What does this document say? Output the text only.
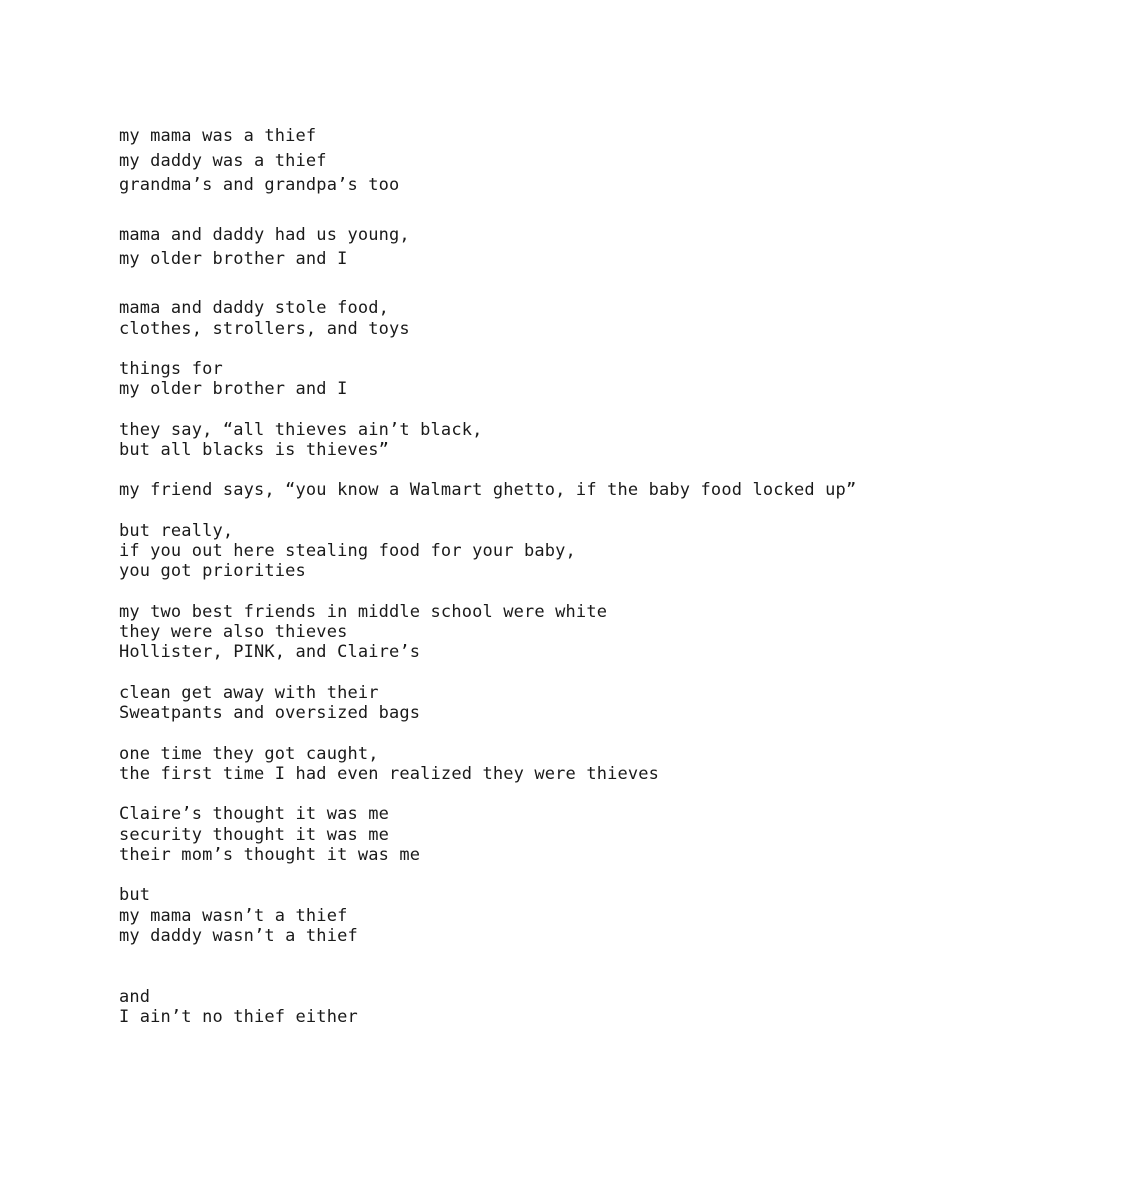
my mama was a thief
my daddy was a thief
grandma’s and grandpa’s too
mama and daddy had us young,
my older brother and I
mama and daddy stole food,
clothes, strollers, and toys
things for
my older brother and I
they say, “all thieves ain’t black,
but all blacks is thieves”
my friend says, “you know a Walmart ghetto, if the baby food locked up”
but really,
if you out here stealing food for your baby,
you got priorities
my two best friends in middle school were white
they were also thieves
Hollister, PINK, and Claire’s
clean get away with their
Sweatpants and oversized bags
one time they got caught,
the first time I had even realized they were thieves
Claire’s thought it was me
security thought it was me
their mom’s thought it was me
but
my mama wasn’t a thief
my daddy wasn’t a thief
and
I ain’t no thief either
